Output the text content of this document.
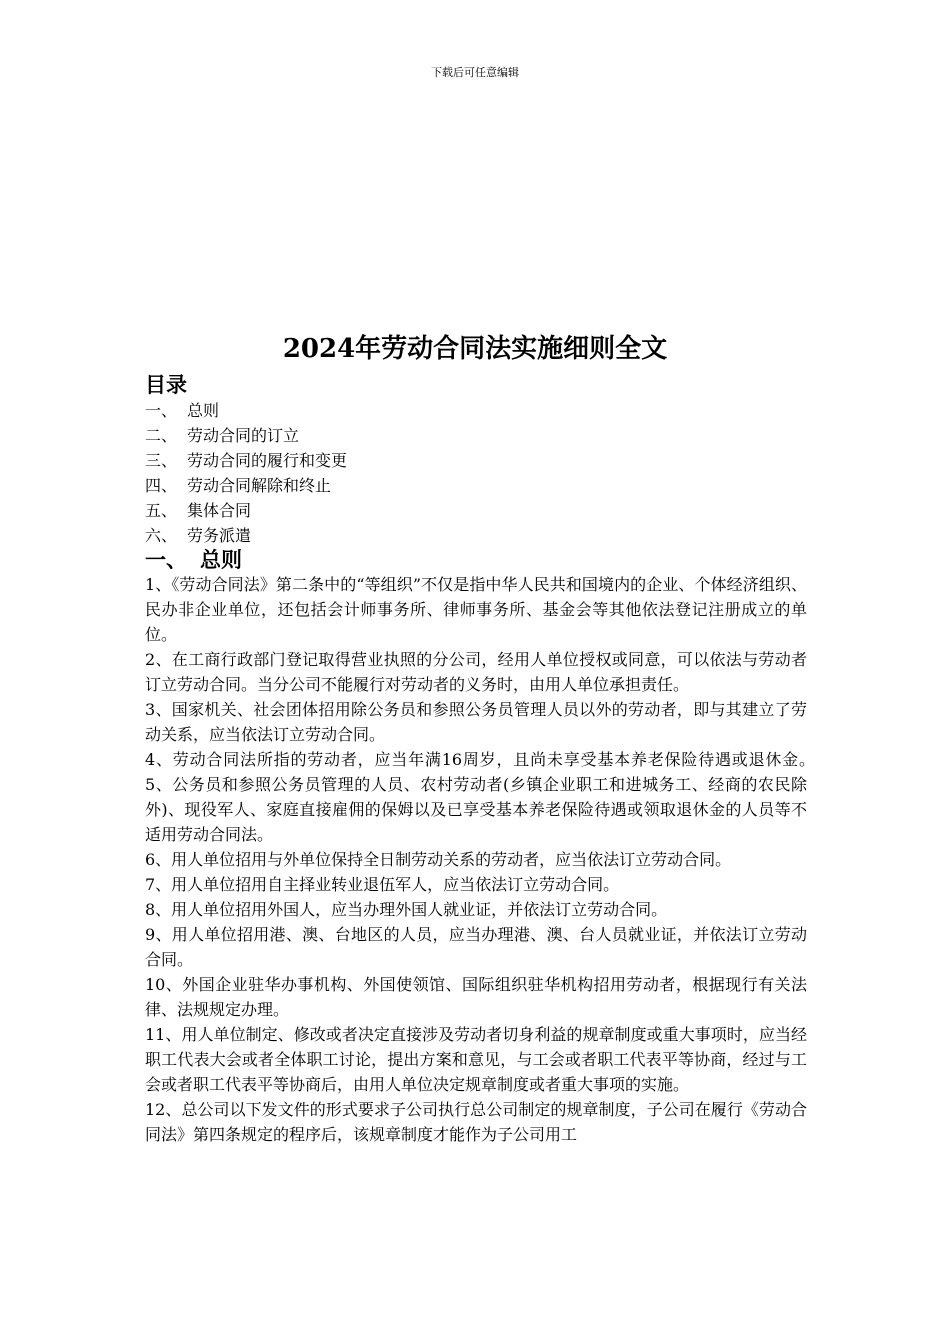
下载后可任意编辑
2024年劳动合同法实施细则全文
目录
一、 总则
二、 劳动合同的订立
三、 劳动合同的履行和变更
四、 劳动合同解除和终止
五、 集体合同
六、 劳务派遣
一、 总则

1、《劳动合同法》第二条中的“等组织”不仅是指中华人民共和国境内的企业、个体经济组织、民办非企业单位，还包括会计师事务所、律师事务所、基金会等其他依法登记注册成立的单位。

2、在工商行政部门登记取得营业执照的分公司，经用人单位授权或同意，可以依法与劳动者订立劳动合同。当分公司不能履行对劳动者的义务时，由用人单位承担责任。

3、国家机关、社会团体招用除公务员和参照公务员管理人员以外的劳动者，即与其建立了劳动关系，应当依法订立劳动合同。

4、劳动合同法所指的劳动者，应当年满16周岁，且尚未享受基本养老保险待遇或退休金。　　5、公务员和参照公务员管理的人员、农村劳动者(乡镇企业职工和进城务工、经商的农民除外)、现役军人、家庭直接雇佣的保姆以及已享受基本养老保险待遇或领取退休金的人员等不适用劳动合同法。

6、用人单位招用与外单位保持全日制劳动关系的劳动者，应当依法订立劳动合同。

7、用人单位招用自主择业转业退伍军人，应当依法订立劳动合同。

8、用人单位招用外国人，应当办理外国人就业证，并依法订立劳动合同。

9、用人单位招用港、澳、台地区的人员，应当办理港、澳、台人员就业证，并依法订立劳动合同。

10、外国企业驻华办事机构、外国使领馆、国际组织驻华机构招用劳动者，根据现行有关法律、法规规定办理。

11、用人单位制定、修改或者决定直接涉及劳动者切身利益的规章制度或重大事项时，应当经职工代表大会或者全体职工讨论，提出方案和意见，与工会或者职工代表平等协商，经过与工会或者职工代表平等协商后，由用人单位决定规章制度或者重大事项的实施。

12、总公司以下发文件的形式要求子公司执行总公司制定的规章制度，子公司在履行《劳动合同法》第四条规定的程序后，该规章制度才能作为子公司用工
